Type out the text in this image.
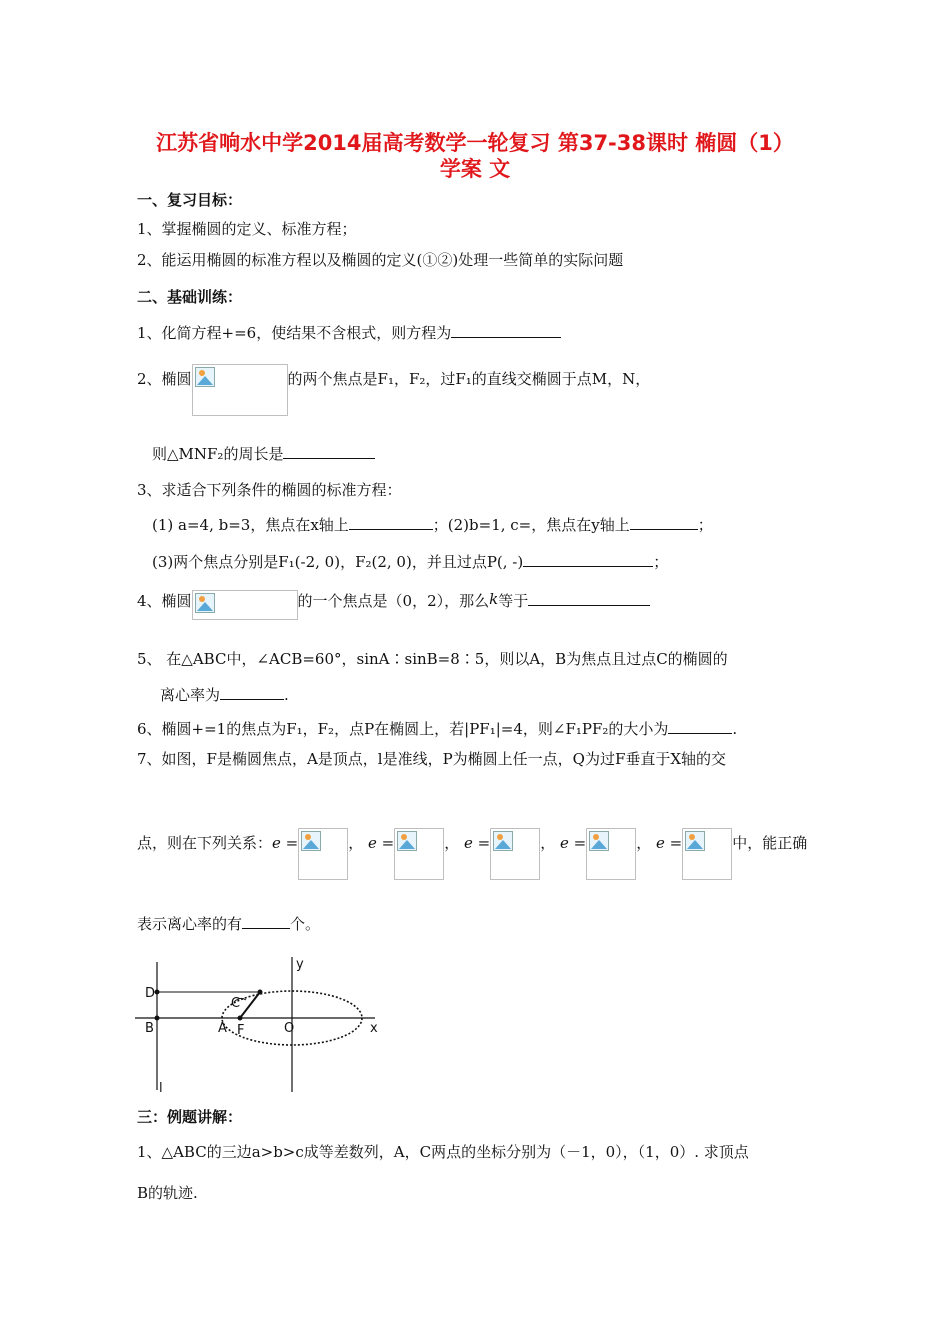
江苏省响水中学2014届高考数学一轮复习 第37-38课时 椭圆（1）
学案 文
一、复习目标：
1、掌握椭圆的定义、标准方程；
2、能运用椭圆的标准方程以及椭圆的定义(①②)处理一些简单的实际问题
二、基础训练：
1、化简方程+=6，使结果不含根式，则方程为
2、椭圆	的两个焦点是F₁，F₂，过F₁的直线交椭圆于点M，N，
则△MNF₂的周长是
3、求适合下列条件的椭圆的标准方程：
(1) a=4, b=3，焦点在x轴上	；(2)b=1, c=，焦点在y轴上	；
(3)两个焦点分别是F₁(-2, 0)，F₂(2, 0)，并且过点P(, -)	；
4、椭圆	的一个焦点是（0，2），那么k等于
5、 在△ABC中，∠ACB=60°，sinA∶sinB=8∶5，则以A，B为焦点且过点C的椭圆的
离心率为	.
6、椭圆+=1的焦点为F₁，F₂，点P在椭圆上，若|PF₁|=4，则∠F₁PF₂的大小为	.
7、如图，F是椭圆焦点，A是顶点，l是准线，P为椭圆上任一点，Q为过F垂直于X轴的交
点，则在下列关系：e =	， e =	， e =	， e =	， e =	中，能正确
表示离心率的有	个。
D
C
B	A F	O
l
y
x
三：例题讲解：
1、△ABC的三边a>b>c成等差数列，A，C两点的坐标分别为（－1，0），（1，0）. 求顶点
B的轨迹.
